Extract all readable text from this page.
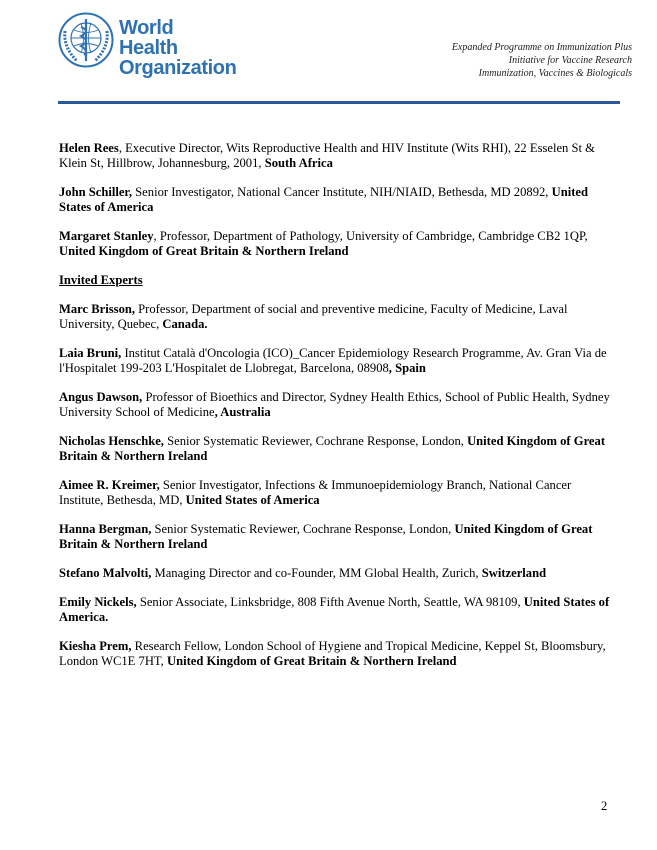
World Health
Organization
Expanded Programme on Immunization Plus
Initiative for Vaccine Research
Immunization, Vaccines & Biologicals

Helen Rees, Executive Director, Wits Reproductive Health and HIV Institute (Wits RHI), 22 Esselen St & Klein St, Hillbrow, Johannesburg, 2001, South Africa

John Schiller, Senior Investigator, National Cancer Institute, NIH/NIAID, Bethesda, MD 20892, United States of America

Margaret Stanley, Professor, Department of Pathology, University of Cambridge, Cambridge CB2 1QP,
United Kingdom of Great Britain & Northern Ireland

Invited Experts

Marc Brisson, Professor, Department of social and preventive medicine, Faculty of Medicine, Laval University, Quebec, Canada.

Laia Bruni, Institut Català d'Oncologia (ICO)_Cancer Epidemiology Research Programme, Av. Gran Via de l'Hospitalet 199-203 L'Hospitalet de Llobregat, Barcelona, 08908, Spain

Angus Dawson, Professor of Bioethics and Director, Sydney Health Ethics, School of Public Health, Sydney University School of Medicine, Australia

Nicholas Henschke, Senior Systematic Reviewer, Cochrane Response, London, United Kingdom of Great Britain & Northern Ireland

Aimee R. Kreimer, Senior Investigator, Infections & Immunoepidemiology Branch, National Cancer Institute, Bethesda, MD, United States of America

Hanna Bergman, Senior Systematic Reviewer, Cochrane Response, London, United Kingdom of Great Britain & Northern Ireland

Stefano Malvolti, Managing Director and co-Founder, MM Global Health, Zurich, Switzerland

Emily Nickels, Senior Associate, Linksbridge, 808 Fifth Avenue North, Seattle, WA 98109, United States of America.

Kiesha Prem, Research Fellow, London School of Hygiene and Tropical Medicine, Keppel St, Bloomsbury, London WC1E 7HT, United Kingdom of Great Britain & Northern Ireland

2
